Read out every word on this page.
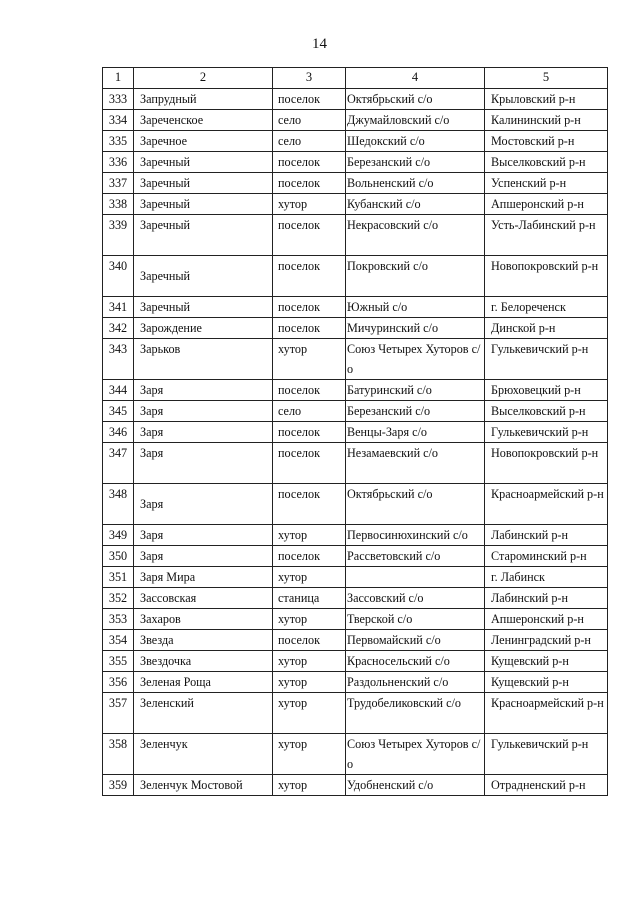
14
1	2	3	4	5
333	Запрудный	поселок	Октябрьский с/о	Крыловский р-н
334	Зареченское	село	Джумайловский с/о	Калининский р-н
335	Заречное	село	Шедокский с/о	Мостовский р-н
336	Заречный	поселок	Березанский с/о	Выселковский р-н
337	Заречный	поселок	Вольненский с/о	Успенский р-н
338	Заречный	хутор	Кубанский с/о	Апшеронский р-н
339	Заречный	поселок	Некрасовский с/о	Усть-Лабинский р-н
340	Заречный	поселок	Покровский с/о	Новопокровский р-н
341	Заречный	поселок	Южный с/о	г. Белореченск
342	Зарождение	поселок	Мичуринский с/о	Динской р-н
343	Зарьков	хутор	Союз Четырех Хуторов с/о	Гулькевичский р-н
344	Заря	поселок	Батуринский с/о	Брюховецкий р-н
345	Заря	село	Березанский с/о	Выселковский р-н
346	Заря	поселок	Венцы-Заря с/о	Гулькевичский р-н
347	Заря	поселок	Незамаевский с/о	Новопокровский р-н
348	Заря	поселок	Октябрьский с/о	Красноармейский р-н
349	Заря	хутор	Первосинюхинский с/о	Лабинский р-н
350	Заря	поселок	Рассветовский с/о	Староминский р-н
351	Заря Мира	хутор		г. Лабинск
352	Зассовская	станица	Зассовский с/о	Лабинский р-н
353	Захаров	хутор	Тверской с/о	Апшеронский р-н
354	Звезда	поселок	Первомайский с/о	Ленинградский р-н
355	Звездочка	хутор	Красносельский с/о	Кущевский р-н
356	Зеленая Роща	хутор	Раздольненский с/о	Кущевский р-н
357	Зеленский	хутор	Трудобеликовский с/о	Красноармейский р-н
358	Зеленчук	хутор	Союз Четырех Хуторов с/о	Гулькевичский р-н
359	Зеленчук Мостовой	хутор	Удобненский с/о	Отрадненский р-н
